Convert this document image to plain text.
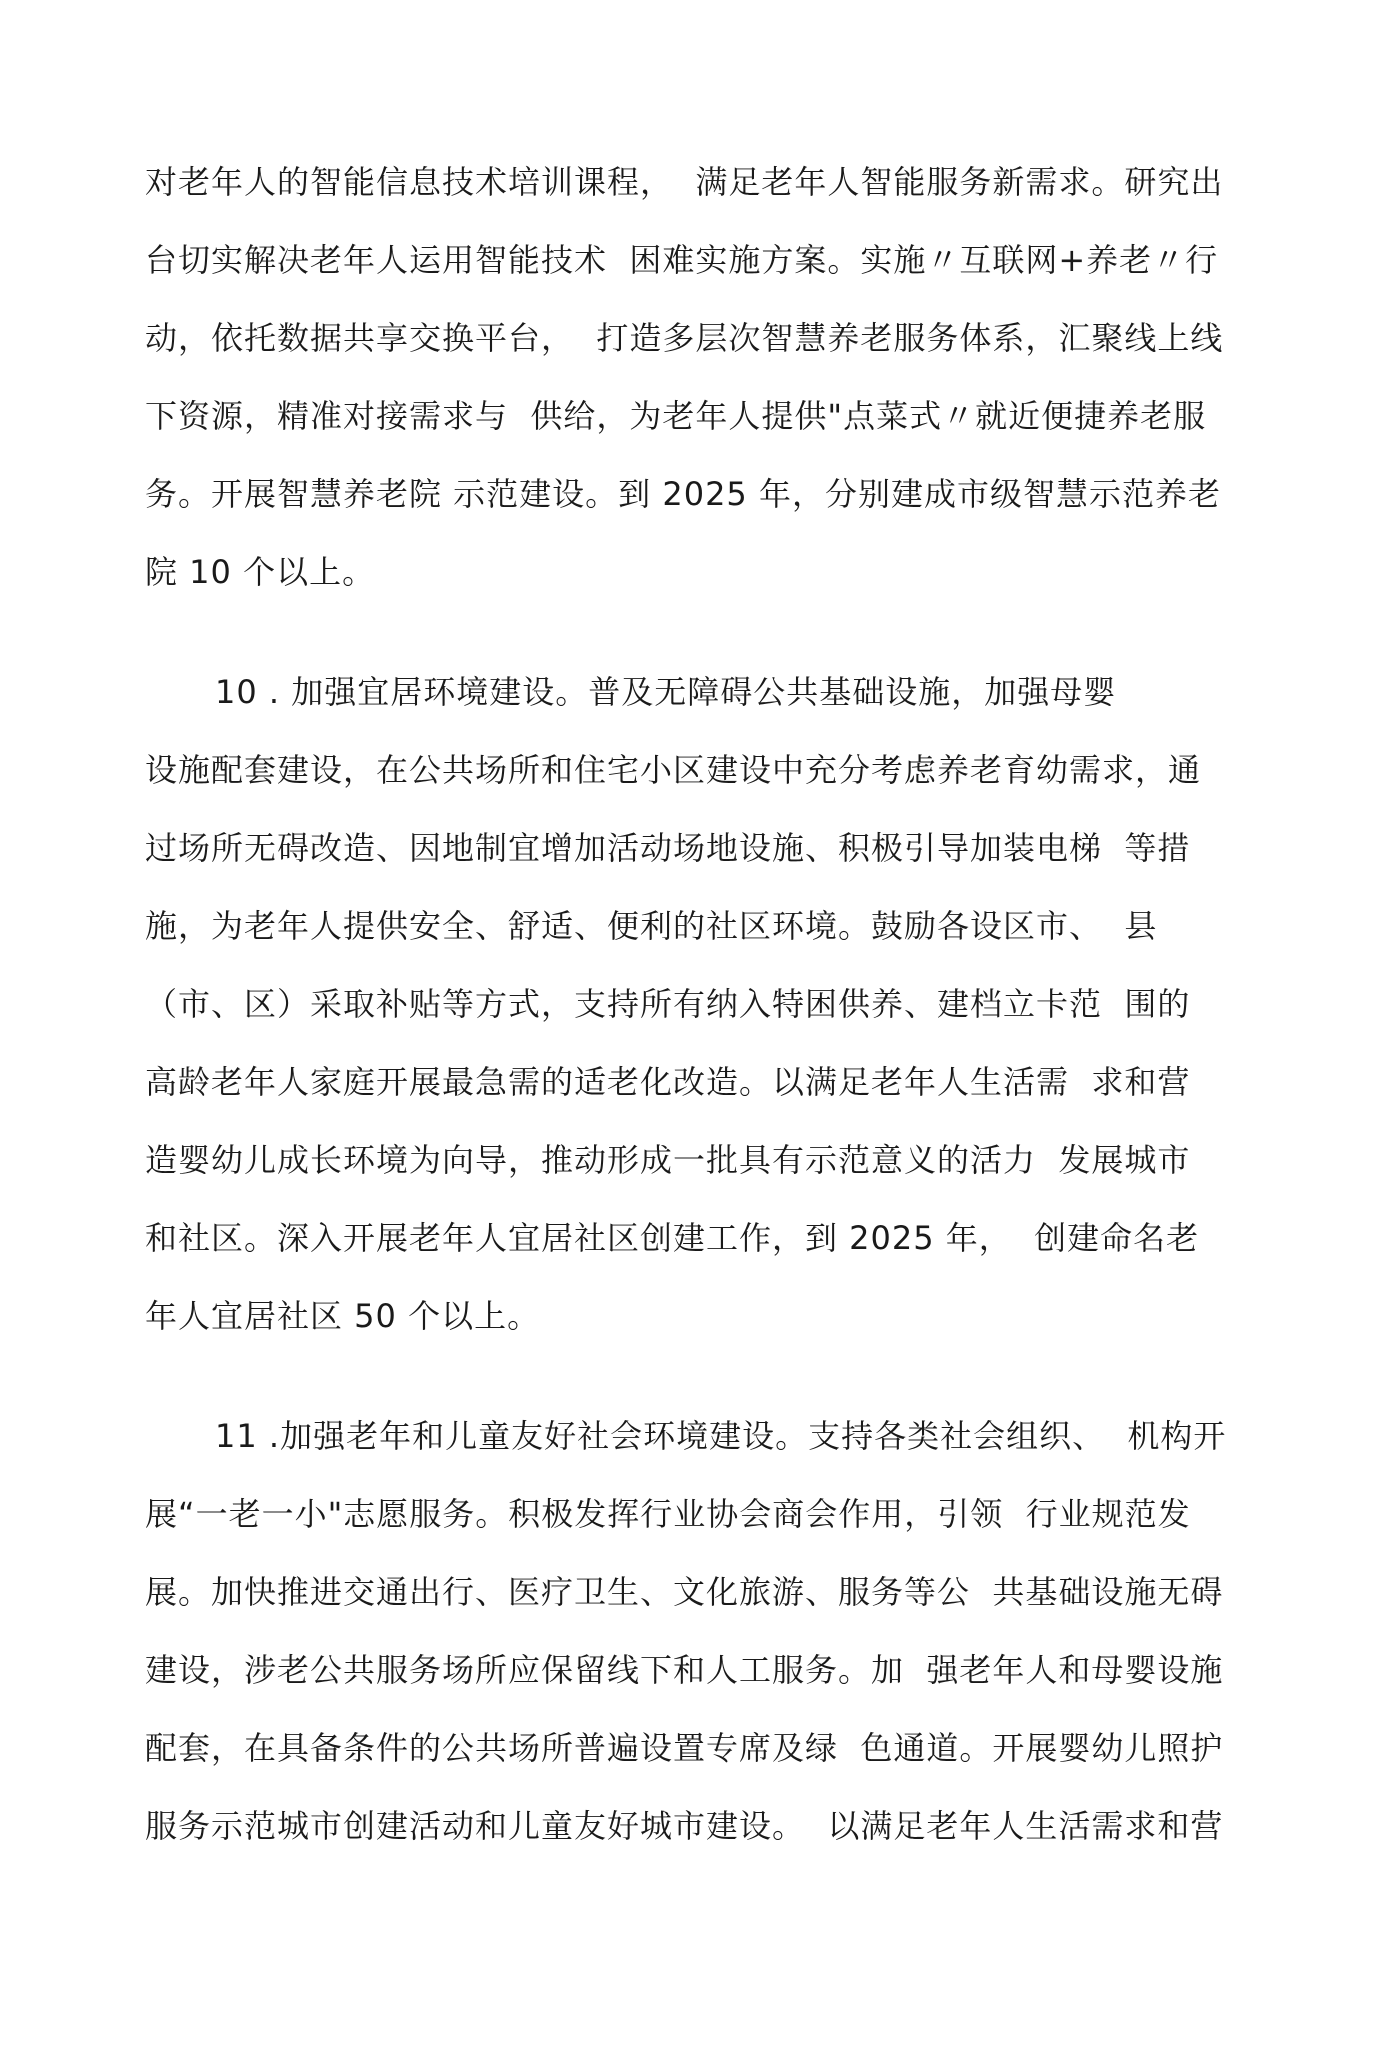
对老年人的智能信息技术培训课程，  满足老年人智能服务新需求。研究出
台切实解决老年人运用智能技术  困难实施方案。实施〃互联网+养老〃行
动，依托数据共享交换平台，  打造多层次智慧养老服务体系，汇聚线上线
下资源，精准对接需求与  供给，为老年人提供"点菜式〃就近便捷养老服
务。开展智慧养老院 示范建设。到 2025 年，分别建成市级智慧示范养老
院 10 个以上。
10 . 加强宜居环境建设。普及无障碍公共基础设施，加强母婴
设施配套建设，在公共场所和住宅小区建设中充分考虑养老育幼需求，通
过场所无碍改造、因地制宜增加活动场地设施、积极引导加装电梯  等措
施，为老年人提供安全、舒适、便利的社区环境。鼓励各设区市、  县
（市、区）采取补贴等方式，支持所有纳入特困供养、建档立卡范  围的
高龄老年人家庭开展最急需的适老化改造。以满足老年人生活需  求和营
造婴幼儿成长环境为向导，推动形成一批具有示范意义的活力  发展城市
和社区。深入开展老年人宜居社区创建工作，到 2025 年，  创建命名老
年人宜居社区 50 个以上。
11 .加强老年和儿童友好社会环境建设。支持各类社会组织、  机构开
展“一老一小"志愿服务。积极发挥行业协会商会作用，引领  行业规范发
展。加快推进交通出行、医疗卫生、文化旅游、服务等公  共基础设施无碍
建设，涉老公共服务场所应保留线下和人工服务。加  强老年人和母婴设施
配套，在具备条件的公共场所普遍设置专席及绿  色通道。开展婴幼儿照护
服务示范城市创建活动和儿童友好城市建设。  以满足老年人生活需求和营
